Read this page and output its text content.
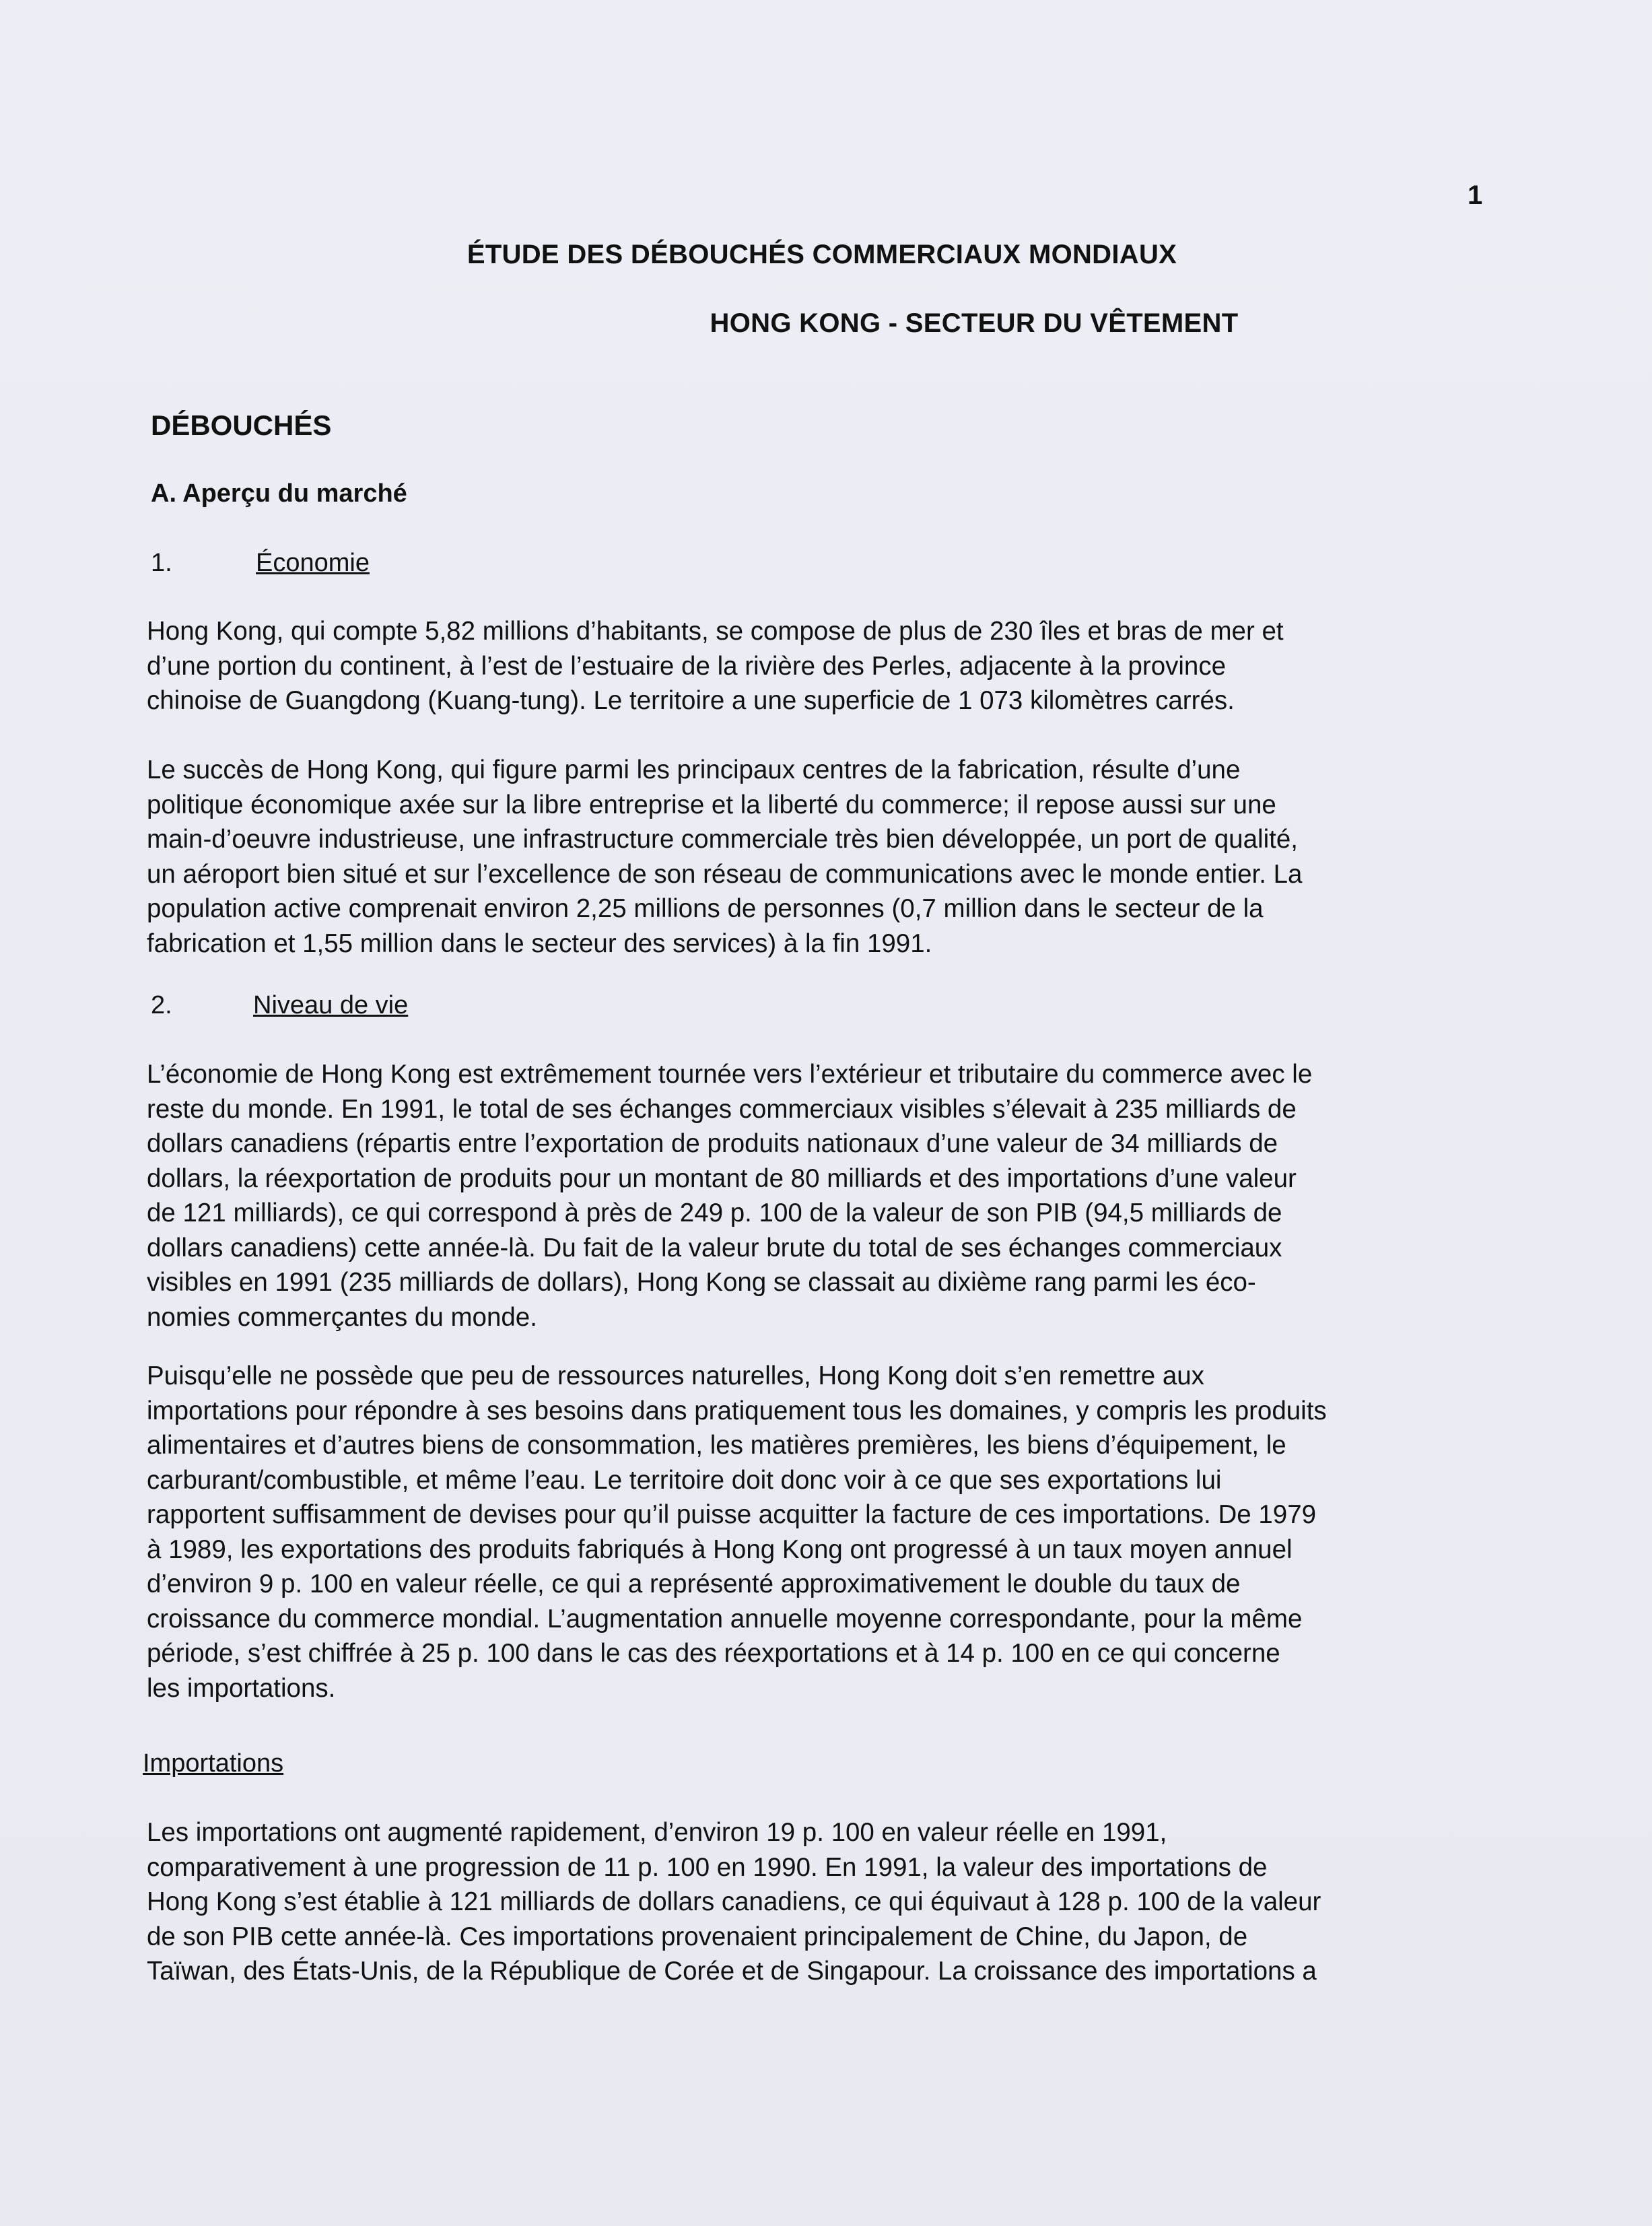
1
ÉTUDE DES DÉBOUCHÉS COMMERCIAUX MONDIAUX
HONG KONG - SECTEUR DU VÊTEMENT
DÉBOUCHÉS
A. Aperçu du marché
1.	Économie
Hong Kong, qui compte 5,82 millions d’habitants, se compose de plus de 230 îles et bras de mer et
d’une portion du continent, à l’est de l’estuaire de la rivière des Perles, adjacente à la province
chinoise de Guangdong (Kuang-tung). Le territoire a une superficie de 1 073 kilomètres carrés.
Le succès de Hong Kong, qui figure parmi les principaux centres de la fabrication, résulte d’une
politique économique axée sur la libre entreprise et la liberté du commerce; il repose aussi sur une
main-d’oeuvre industrieuse, une infrastructure commerciale très bien développée, un port de qualité,
un aéroport bien situé et sur l’excellence de son réseau de communications avec le monde entier. La
population active comprenait environ 2,25 millions de personnes (0,7 million dans le secteur de la
fabrication et 1,55 million dans le secteur des services) à la fin 1991.
2.	Niveau de vie
L’économie de Hong Kong est extrêmement tournée vers l’extérieur et tributaire du commerce avec le
reste du monde. En 1991, le total de ses échanges commerciaux visibles s’élevait à 235 milliards de
dollars canadiens (répartis entre l’exportation de produits nationaux d’une valeur de 34 milliards de
dollars, la réexportation de produits pour un montant de 80 milliards et des importations d’une valeur
de 121 milliards), ce qui correspond à près de 249 p. 100 de la valeur de son PIB (94,5 milliards de
dollars canadiens) cette année-là. Du fait de la valeur brute du total de ses échanges commerciaux
visibles en 1991 (235 milliards de dollars), Hong Kong se classait au dixième rang parmi les éco-
nomies commerçantes du monde.
Puisqu’elle ne possède que peu de ressources naturelles, Hong Kong doit s’en remettre aux
importations pour répondre à ses besoins dans pratiquement tous les domaines, y compris les produits
alimentaires et d’autres biens de consommation, les matières premières, les biens d’équipement, le
carburant/combustible, et même l’eau. Le territoire doit donc voir à ce que ses exportations lui
rapportent suffisamment de devises pour qu’il puisse acquitter la facture de ces importations. De 1979
à 1989, les exportations des produits fabriqués à Hong Kong ont progressé à un taux moyen annuel
d’environ 9 p. 100 en valeur réelle, ce qui a représenté approximativement le double du taux de
croissance du commerce mondial. L’augmentation annuelle moyenne correspondante, pour la même
période, s’est chiffrée à 25 p. 100 dans le cas des réexportations et à 14 p. 100 en ce qui concerne
les importations.
Importations
Les importations ont augmenté rapidement, d’environ 19 p. 100 en valeur réelle en 1991,
comparativement à une progression de 11 p. 100 en 1990. En 1991, la valeur des importations de
Hong Kong s’est établie à 121 milliards de dollars canadiens, ce qui équivaut à 128 p. 100 de la valeur
de son PIB cette année-là. Ces importations provenaient principalement de Chine, du Japon, de
Taïwan, des États-Unis, de la République de Corée et de Singapour. La croissance des importations a
